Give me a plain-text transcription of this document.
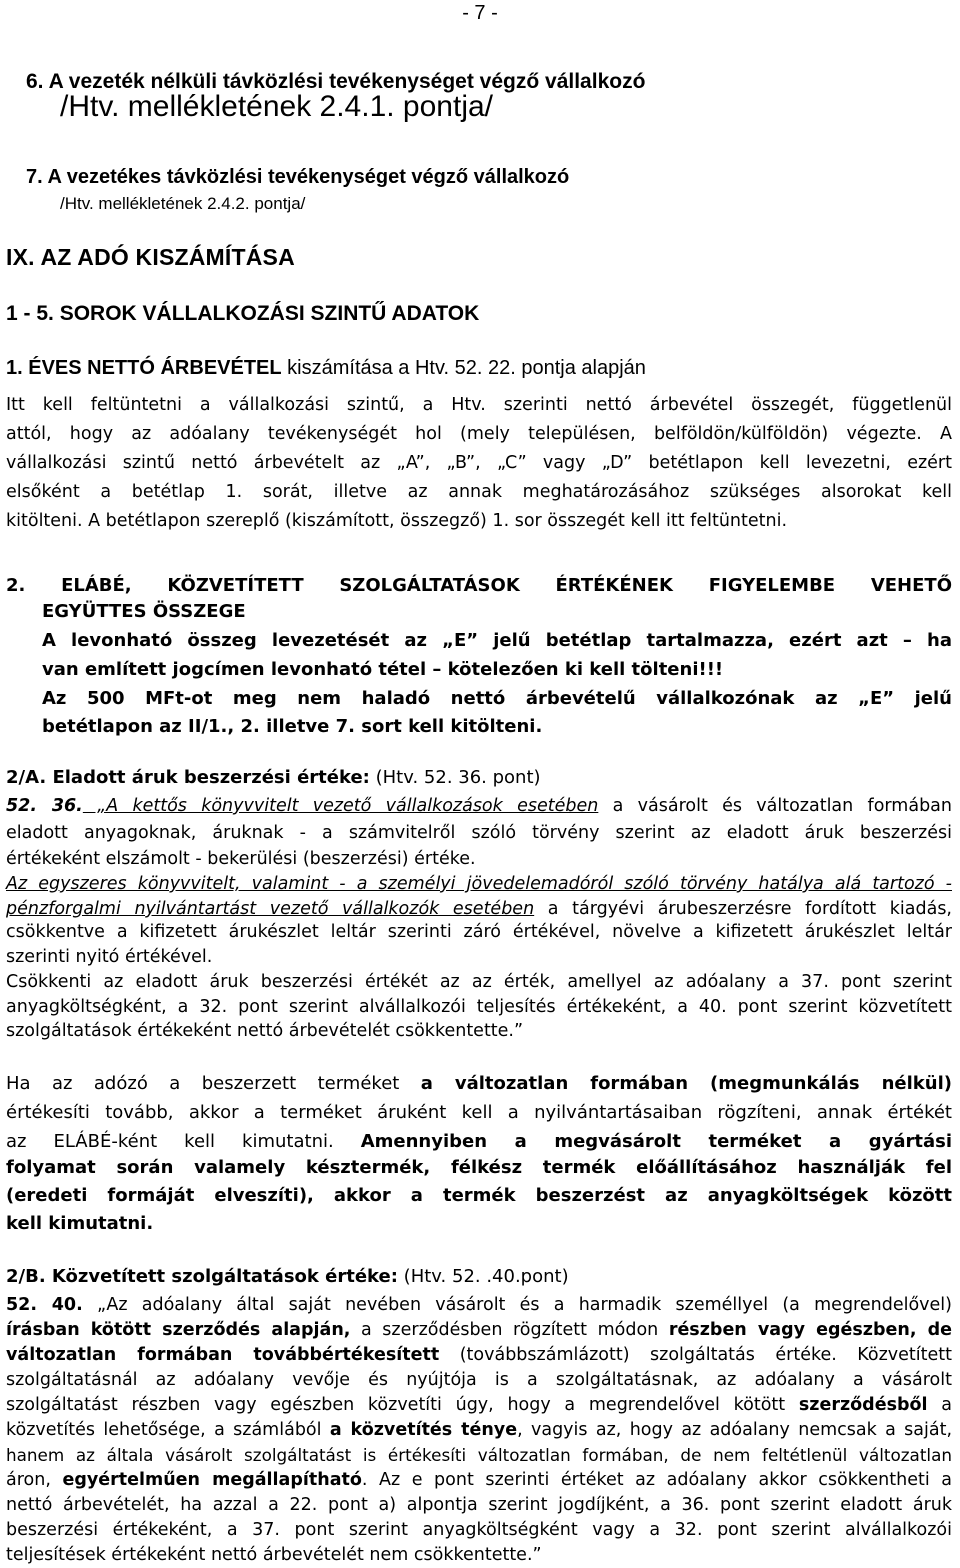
- 7 -
6. A vezeték nélküli távközlési tevékenységet végző vállalkozó
/Htv. mellékletének 2.4.1. pontja/
7. A vezetékes távközlési tevékenységet végző vállalkozó
/Htv. mellékletének 2.4.2. pontja/
IX. AZ ADÓ KISZÁMÍTÁSA
1 - 5. SOROK VÁLLALKOZÁSI SZINTŰ ADATOK
1. ÉVES NETTÓ ÁRBEVÉTEL kiszámítása a Htv. 52. 22. pontja alapján
Itt kell feltüntetni a vállalkozási szintű, a Htv. szerinti nettó árbevétel összegét, függetlenül
attól, hogy az adóalany tevékenységét hol (mely településen, belföldön/külföldön) végezte. A
vállalkozási szintű nettó árbevételt az „A”, „B”, „C” vagy „D” betétlapon kell levezetni, ezért
elsőként a betétlap 1. sorát, illetve az annak meghatározásához szükséges alsorokat kell
kitölteni. A betétlapon szereplő (kiszámított, összegző) 1. sor összegét kell itt feltüntetni.
2. ELÁBÉ, KÖZVETÍTETT SZOLGÁLTATÁSOK ÉRTÉKÉNEK FIGYELEMBE VEHETŐ
EGYÜTTES ÖSSZEGE
A levonható összeg levezetését az „E” jelű betétlap tartalmazza, ezért azt – ha
van említett jogcímen levonható tétel – kötelezően ki kell tölteni!!!
Az 500 MFt-ot meg nem haladó nettó árbevételű vállalkozónak az „E” jelű
betétlapon az II/1., 2. illetve 7. sort kell kitölteni.
2/A. Eladott áruk beszerzési értéke: (Htv. 52. 36. pont)
52. 36. „A kettős könyvvitelt vezető vállalkozások esetében a vásárolt és változatlan formában
eladott anyagoknak, áruknak - a számvitelről szóló törvény szerint az eladott áruk beszerzési
értékeként elszámolt - bekerülési (beszerzési) értéke.
Az egyszeres könyvvitelt, valamint - a személyi jövedelemadóról szóló törvény hatálya alá tartozó -
pénzforgalmi nyilvántartást vezető vállalkozók esetében a tárgyévi árubeszerzésre fordított kiadás,
csökkentve a kifizetett árukészlet leltár szerinti záró értékével, növelve a kifizetett árukészlet leltár
szerinti nyitó értékével.
Csökkenti az eladott áruk beszerzési értékét az az érték, amellyel az adóalany a 37. pont szerint
anyagköltségként, a 32. pont szerint alvállalkozói teljesítés értékeként, a 40. pont szerint közvetített
szolgáltatások értékeként nettó árbevételét csökkentette.”
Ha az adózó a beszerzett terméket a változatlan formában (megmunkálás nélkül)
értékesíti tovább, akkor a terméket áruként kell a nyilvántartásaiban rögzíteni, annak értékét
az ELÁBÉ-ként kell kimutatni. Amennyiben a megvásárolt terméket a gyártási
folyamat során valamely késztermék, félkész termék előállításához használják fel
(eredeti formáját elveszíti), akkor a termék beszerzést az anyagköltségek között
kell kimutatni.
2/B. Közvetített szolgáltatások értéke: (Htv. 52. .40.pont)
52. 40. „Az adóalany által saját nevében vásárolt és a harmadik személlyel (a megrendelővel)
írásban kötött szerződés alapján, a szerződésben rögzített módon részben vagy egészben, de
változatlan formában továbbértékesített (továbbszámlázott) szolgáltatás értéke. Közvetített
szolgáltatásnál az adóalany vevője és nyújtója is a szolgáltatásnak, az adóalany a vásárolt
szolgáltatást részben vagy egészben közvetíti úgy, hogy a megrendelővel kötött szerződésből a
közvetítés lehetősége, a számlából a közvetítés ténye, vagyis az, hogy az adóalany nemcsak a saját,
hanem az általa vásárolt szolgáltatást is értékesíti változatlan formában, de nem feltétlenül változatlan
áron, egyértelműen megállapítható. Az e pont szerinti értéket az adóalany akkor csökkentheti a
nettó árbevételét, ha azzal a 22. pont a) alpontja szerint jogdíjként, a 36. pont szerint eladott áruk
beszerzési értékeként, a 37. pont szerint anyagköltségként vagy a 32. pont szerint alvállalkozói
teljesítések értékeként nettó árbevételét nem csökkentette.”
